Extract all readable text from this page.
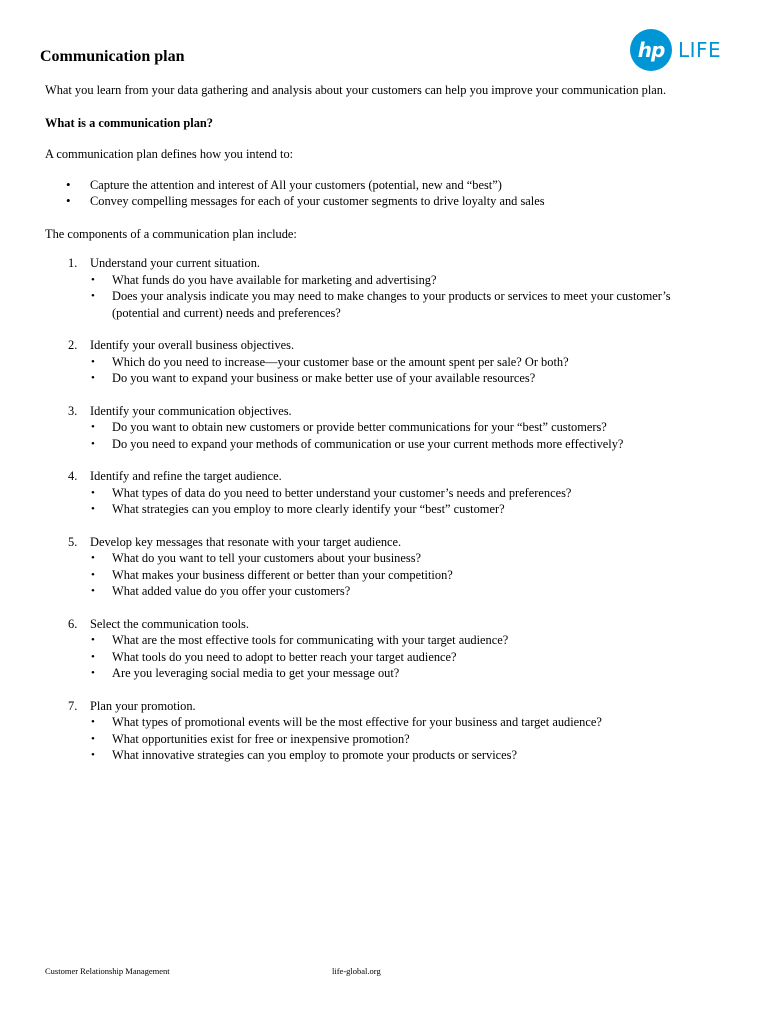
Communication plan	hp LIFE

What you learn from your data gathering and analysis about your customers can help you improve your communication plan.

What is a communication plan?

A communication plan defines how you intend to:

• Capture the attention and interest of All your customers (potential, new and “best”)
• Convey compelling messages for each of your customer segments to drive loyalty and sales

The components of a communication plan include:

1. Understand your current situation.
• What funds do you have available for marketing and advertising?
• Does your analysis indicate you may need to make changes to your products or services to meet your customer’s (potential and current) needs and preferences?
2. Identify your overall business objectives.
• Which do you need to increase—your customer base or the amount spent per sale? Or both?
• Do you want to expand your business or make better use of your available resources?
3. Identify your communication objectives.
• Do you want to obtain new customers or provide better communications for your “best” customers?
• Do you need to expand your methods of communication or use your current methods more effectively?
4. Identify and refine the target audience.
• What types of data do you need to better understand your customer’s needs and preferences?
• What strategies can you employ to more clearly identify your “best” customer?
5. Develop key messages that resonate with your target audience.
• What do you want to tell your customers about your business?
• What makes your business different or better than your competition?
• What added value do you offer your customers?
6. Select the communication tools.
• What are the most effective tools for communicating with your target audience?
• What tools do you need to adopt to better reach your target audience?
• Are you leveraging social media to get your message out?
7. Plan your promotion.
• What types of promotional events will be the most effective for your business and target audience?
• What opportunities exist for free or inexpensive promotion?
• What innovative strategies can you employ to promote your products or services?
Customer Relationship Management	life-global.org
